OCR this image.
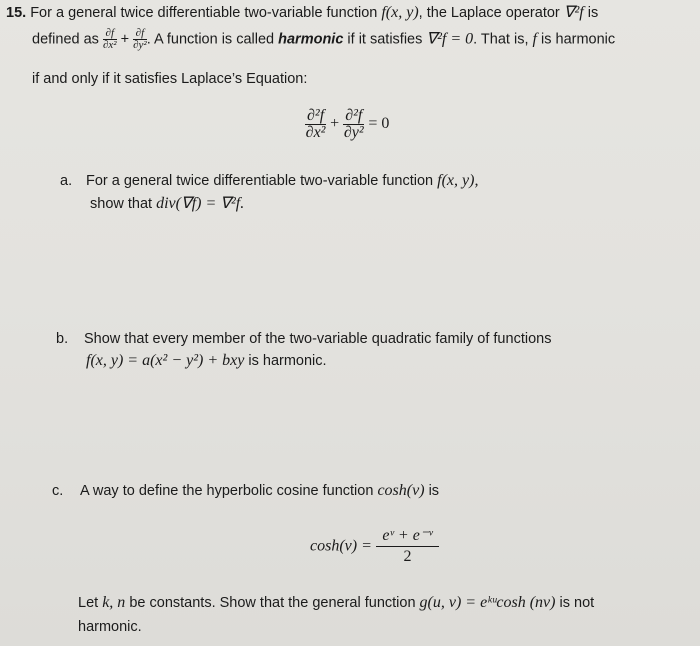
15. For a general twice differentiable two-variable function f(x, y), the Laplace operator ∇²f is
defined as $\frac{\partial f}{\text{∂x²}} + \frac{\partial f}{\text{∂y²}}$ . A function is called harmonic if it satisfies ∇²f = 0. That is, f is harmonic
if and only if it satisfies Laplace’s Equation:
$\frac{\text{∂²f}}{\text{∂x²}} + \frac{\text{∂²f}}{\text{∂y²}} = 0$
a. For a general twice differentiable two-variable function f(x, y),
show that div(∇f) = ∇²f.
b. Show that every member of the two-variable quadratic family of functions
f(x, y) = a(x² − y²) + bxy is harmonic.
c. A way to define the hyperbolic cosine function cosh(v) is
$\cosh(v) = \frac{\text{eᵛ + e⁻ᵛ}}{2}$
Let k, n be constants. Show that the general function g(u, v) = eᵏᵘcosh (nv) is not
harmonic.
